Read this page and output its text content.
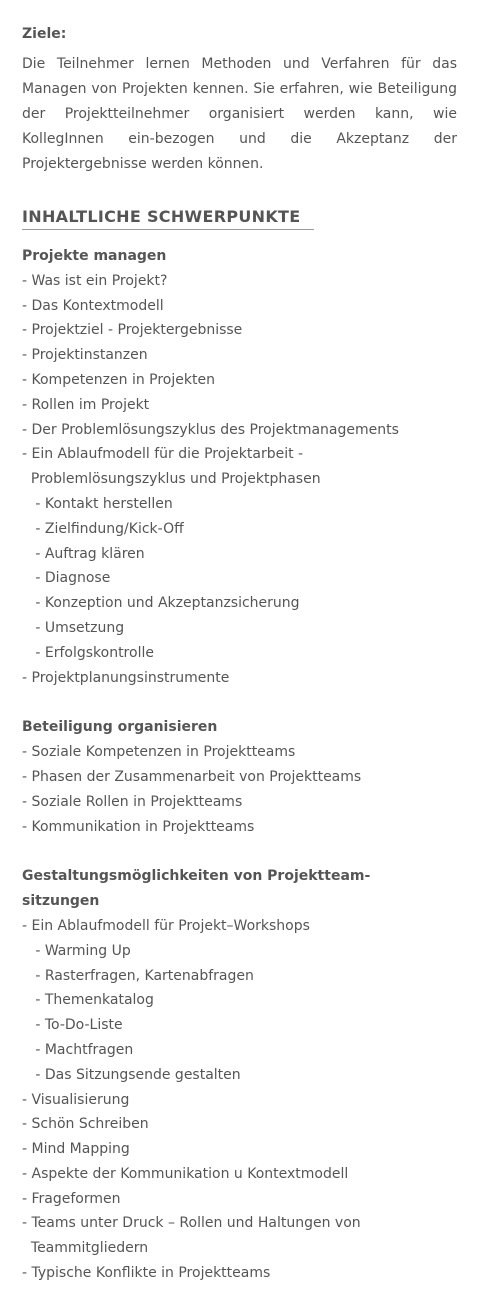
Ziele:

Die Teilnehmer lernen Methoden und Verfahren für das Managen von Projekten kennen. Sie erfahren, wie Beteiligung der Projektteilnehmer organisiert werden kann, wie KollegInnen ein-bezogen und die Akzeptanz der Projektergebnisse werden können.

INHALTLICHE SCHWERPUNKTE

Projekte managen

- Was ist ein Projekt?
- Das Kontextmodell
- Projektziel - Projektergebnisse
- Projektinstanzen
- Kompetenzen in Projekten
- Rollen im Projekt
- Der Problemlösungszyklus des Projektmanagements
- Ein Ablaufmodell für die Projektarbeit -
Problemlösungszyklus und Projektphasen
- Kontakt herstellen
- Zielfindung/Kick-Off
- Auftrag klären
- Diagnose
- Konzeption und Akzeptanzsicherung
- Umsetzung
- Erfolgskontrolle
- Projektplanungsinstrumente

Beteiligung organisieren

- Soziale Kompetenzen in Projektteams
- Phasen der Zusammenarbeit von Projektteams
- Soziale Rollen in Projektteams
- Kommunikation in Projektteams

Gestaltungsmöglichkeiten von Projektteam-
sitzungen

- Ein Ablaufmodell für Projekt–Workshops
- Warming Up
- Rasterfragen, Kartenabfragen
- Themenkatalog
- To-Do-Liste
- Machtfragen
- Das Sitzungsende gestalten
- Visualisierung
- Schön Schreiben
- Mind Mapping
- Aspekte der Kommunikation u Kontextmodell
- Frageformen
- Teams unter Druck – Rollen und Haltungen von
Teammitgliedern
- Typische Konflikte in Projektteams
